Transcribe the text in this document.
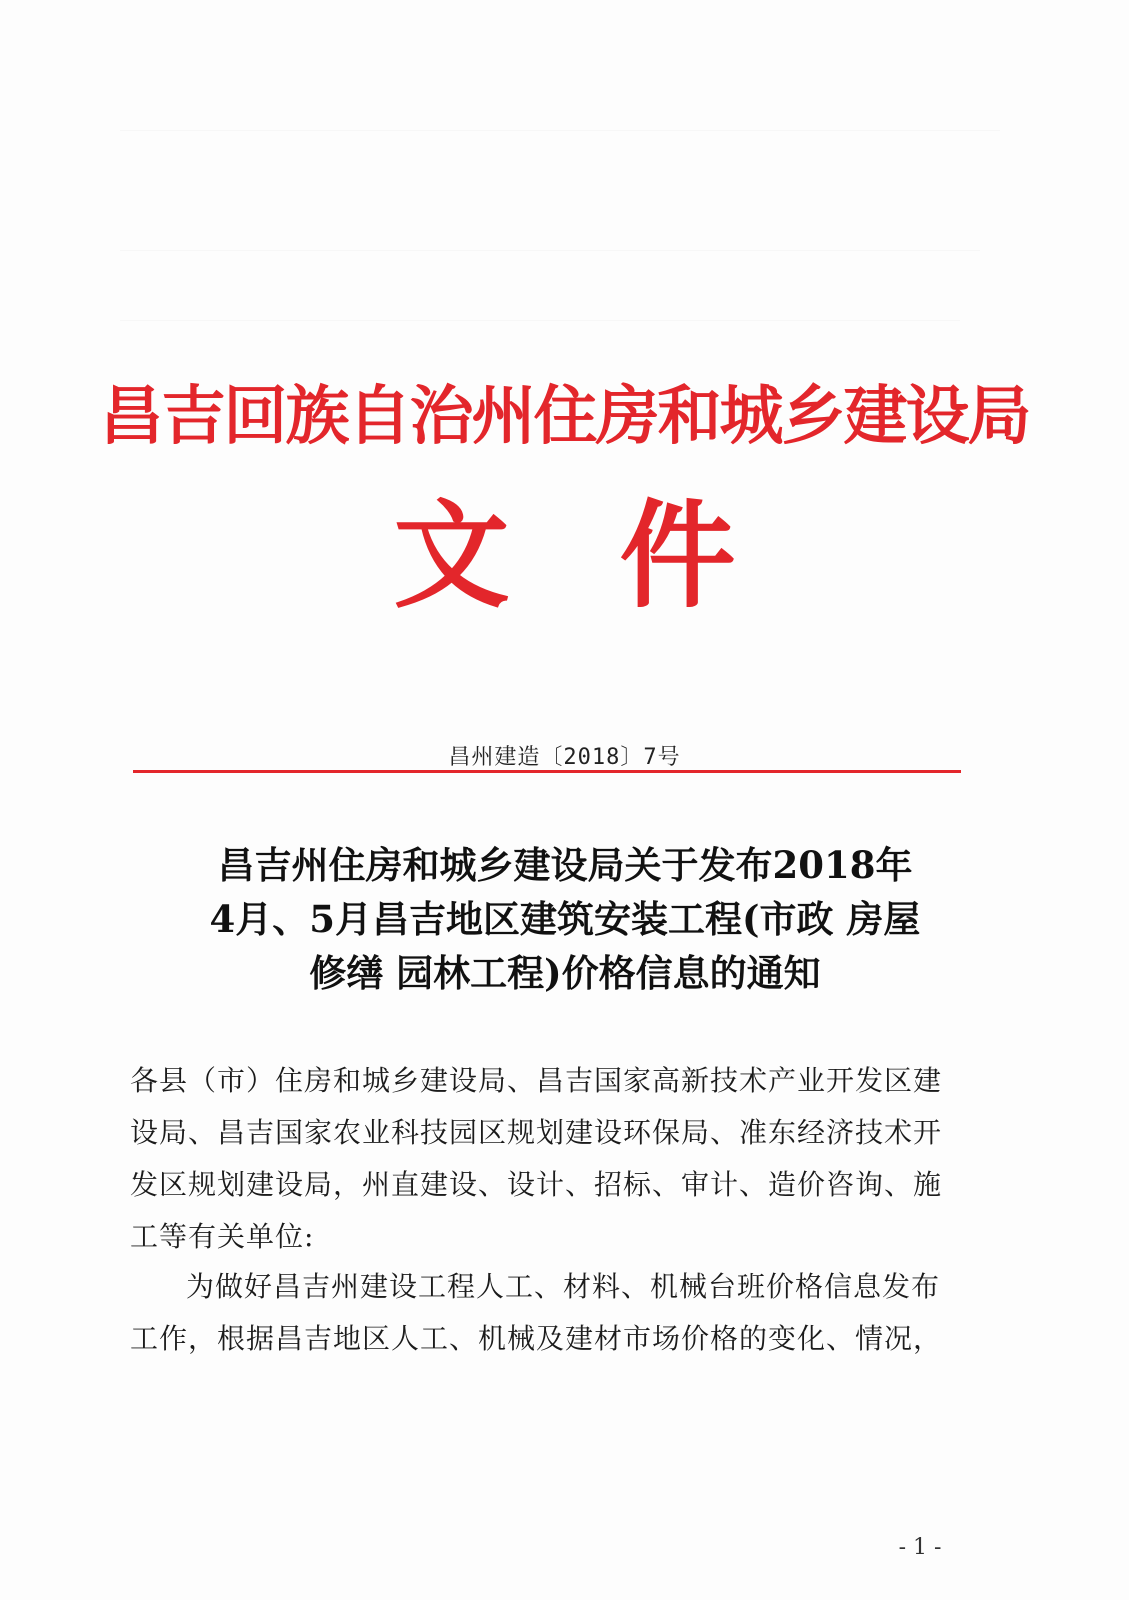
昌吉回族自治州住房和城乡建设局
文件
昌州建造〔2018〕7号
昌吉州住房和城乡建设局关于发布2018年
4月、5月昌吉地区建筑安装工程(市政 房屋
修缮 园林工程)价格信息的通知
各县（市）住房和城乡建设局、昌吉国家高新技术产业开发区建
设局、昌吉国家农业科技园区规划建设环保局、准东经济技术开
发区规划建设局，州直建设、设计、招标、审计、造价咨询、施
工等有关单位:
为做好昌吉州建设工程人工、材料、机械台班价格信息发布
工作，根据昌吉地区人工、机械及建材市场价格的变化、情况，
- 1 -
